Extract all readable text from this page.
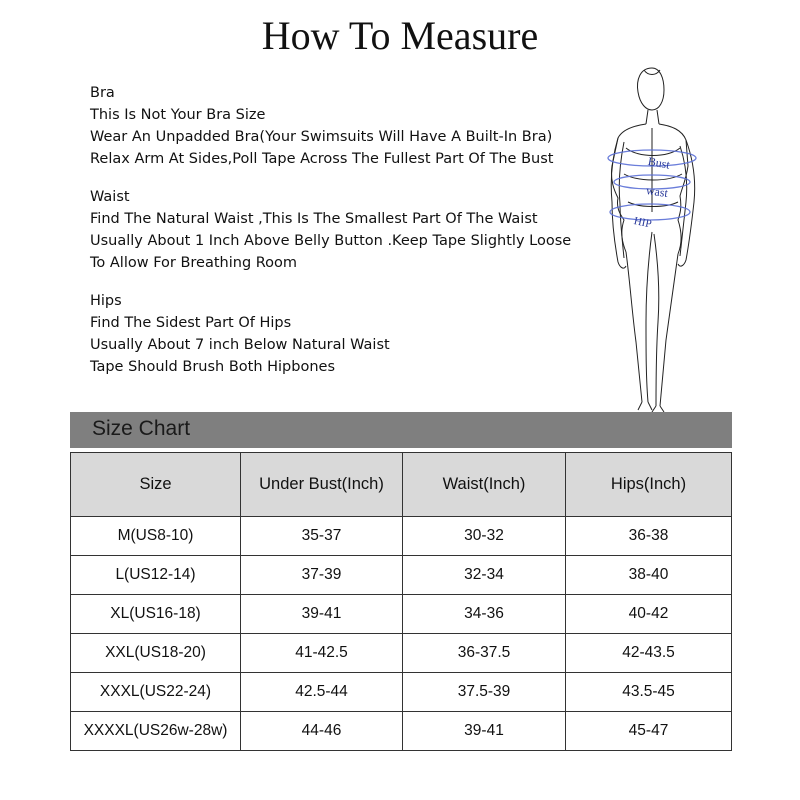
How To Measure
Bra
This Is Not Your Bra Size
Wear An Unpadded Bra(Your Swimsuits Will Have A Built-In Bra)
Relax Arm At Sides,Poll Tape Across The Fullest Part Of The Bust
Waist
Find The Natural Waist ,This Is The Smallest Part Of The Waist
Usually About 1 Inch Above Belly Button .Keep Tape Slightly Loose
To Allow For Breathing Room
Hips
Find The Sidest Part Of Hips
Usually About 7 inch Below Natural Waist
Tape Should Brush Both Hipbones
Bust
wast
HIP
Size Chart
Size	Under Bust(Inch)	Waist(Inch)	Hips(Inch)
M(US8-10)	35-37	30-32	36-38
L(US12-14)	37-39	32-34	38-40
XL(US16-18)	39-41	34-36	40-42
XXL(US18-20)	41-42.5	36-37.5	42-43.5
XXXL(US22-24)	42.5-44	37.5-39	43.5-45
XXXXL(US26w-28w)	44-46	39-41	45-47
